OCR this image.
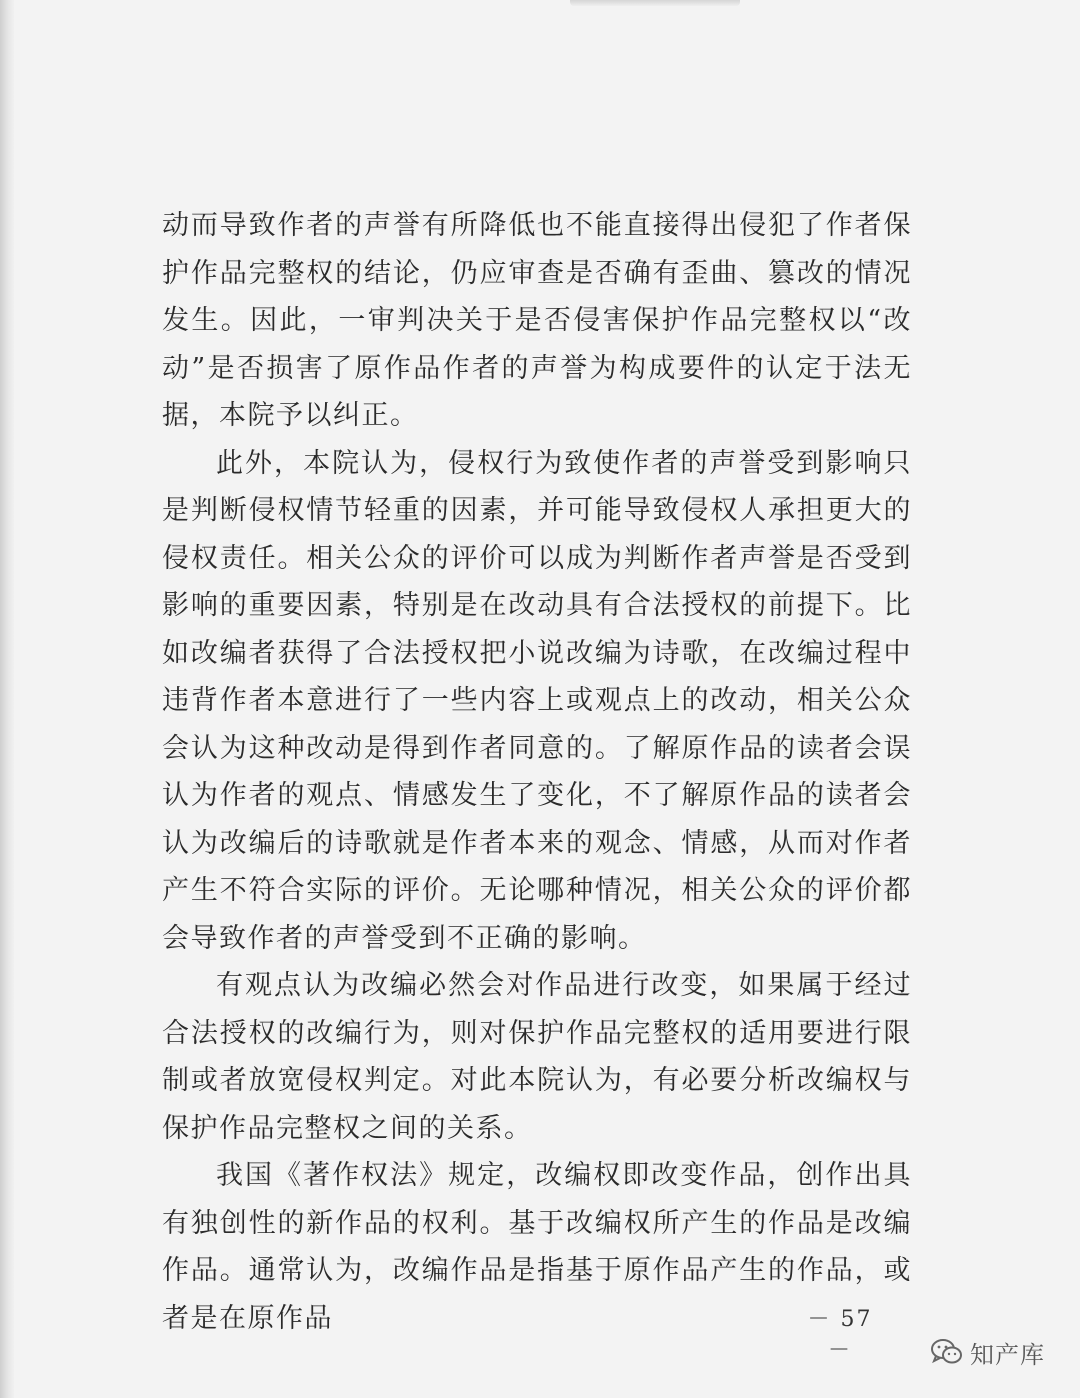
动而导致作者的声誉有所降低也不能直接得出侵犯了作者保护作品完整权的结论，仍应审查是否确有歪曲、篡改的情况发生。因此，一审判决关于是否侵害保护作品完整权以“改动”是否损害了原作品作者的声誉为构成要件的认定于法无据，本院予以纠正。

此外，本院认为，侵权行为致使作者的声誉受到影响只是判断侵权情节轻重的因素，并可能导致侵权人承担更大的侵权责任。相关公众的评价可以成为判断作者声誉是否受到影响的重要因素，特别是在改动具有合法授权的前提下。比如改编者获得了合法授权把小说改编为诗歌，在改编过程中违背作者本意进行了一些内容上或观点上的改动，相关公众会认为这种改动是得到作者同意的。了解原作品的读者会误认为作者的观点、情感发生了变化，不了解原作品的读者会认为改编后的诗歌就是作者本来的观念、情感，从而对作者产生不符合实际的评价。无论哪种情况，相关公众的评价都会导致作者的声誉受到不正确的影响。

有观点认为改编必然会对作品进行改变，如果属于经过合法授权的改编行为，则对保护作品完整权的适用要进行限制或者放宽侵权判定。对此本院认为，有必要分析改编权与保护作品完整权之间的关系。

我国《著作权法》规定，改编权即改变作品，创作出具有独创性的新作品的权利。基于改编权所产生的作品是改编作品。通常认为，改编作品是指基于原作品产生的作品，或者是在原作品	－ 57 －	知产库
